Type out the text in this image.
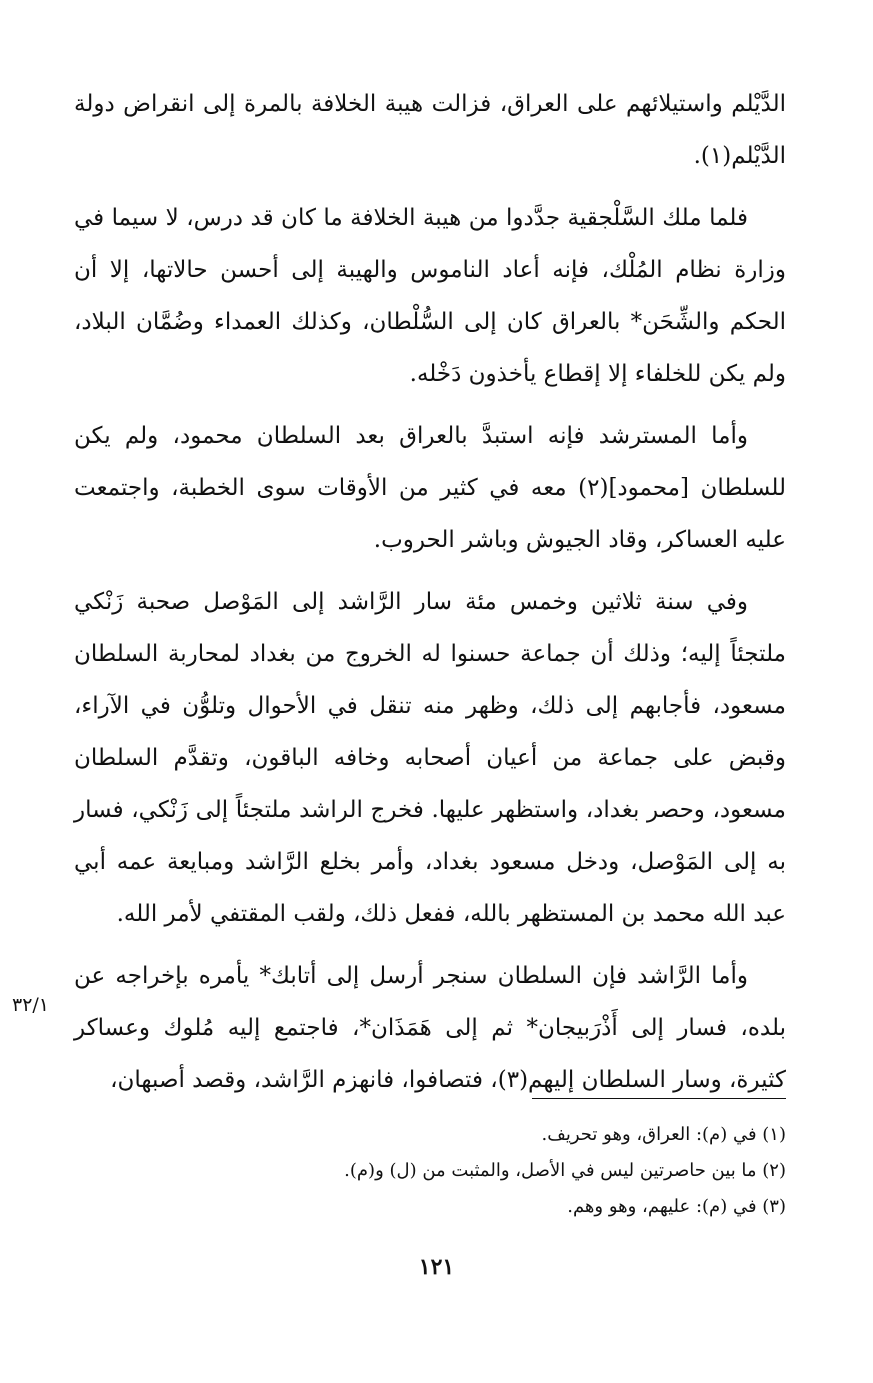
الدَّيْلم واستيلائهم على العراق، فزالت هيبة الخلافة بالمرة إلى انقراض دولة الدَّيْلم(١).

فلما ملك السَّلْجقية جدَّدوا من هيبة الخلافة ما كان قد درس، لا سيما في وزارة نظام المُلْك، فإنه أعاد الناموس والهيبة إلى أحسن حالاتها، إلا أن الحكم والشِّحَن* بالعراق كان إلى السُّلْطان، وكذلك العمداء وضُمَّان البلاد، ولم يكن للخلفاء إلا إقطاع يأخذون دَخْله.

وأما المسترشد فإنه استبدَّ بالعراق بعد السلطان محمود، ولم يكن للسلطان [محمود](٢) معه في كثير من الأوقات سوى الخطبة، واجتمعت عليه العساكر، وقاد الجيوش وباشر الحروب.

وفي سنة ثلاثين وخمس مئة سار الرَّاشد إلى المَوْصل صحبة زَنْكي ملتجئاً إليه؛ وذلك أن جماعة حسنوا له الخروج من بغداد لمحاربة السلطان مسعود، فأجابهم إلى ذلك، وظهر منه تنقل في الأحوال وتلوُّن في الآراء، وقبض على جماعة من أعيان أصحابه وخافه الباقون، وتقدَّم السلطان مسعود، وحصر بغداد، واستظهر عليها. فخرج الراشد ملتجئاً إلى زَنْكي، فسار به إلى المَوْصل، ودخل مسعود بغداد، وأمر بخلع الرَّاشد ومبايعة عمه أبي عبد الله محمد بن المستظهر بالله، ففعل ذلك، ولقب المقتفي لأمر الله.

وأما الرَّاشد فإن السلطان سنجر أرسل إلى أتابك* يأمره بإخراجه عن بلده، فسار إلى أَذْرَبيجان* ثم إلى هَمَذَان*، فاجتمع إليه مُلوك وعساكر كثيرة، وسار السلطان إليهم(٣)، فتصافوا، فانهزم الرَّاشد، وقصد أصبهان،

٣٢/١

(١) في (م): العراق، وهو تحريف.

(٢) ما بين حاصرتين ليس في الأصل، والمثبت من (ل) و(م).

(٣) في (م): عليهم، وهو وهم.

١٢١
